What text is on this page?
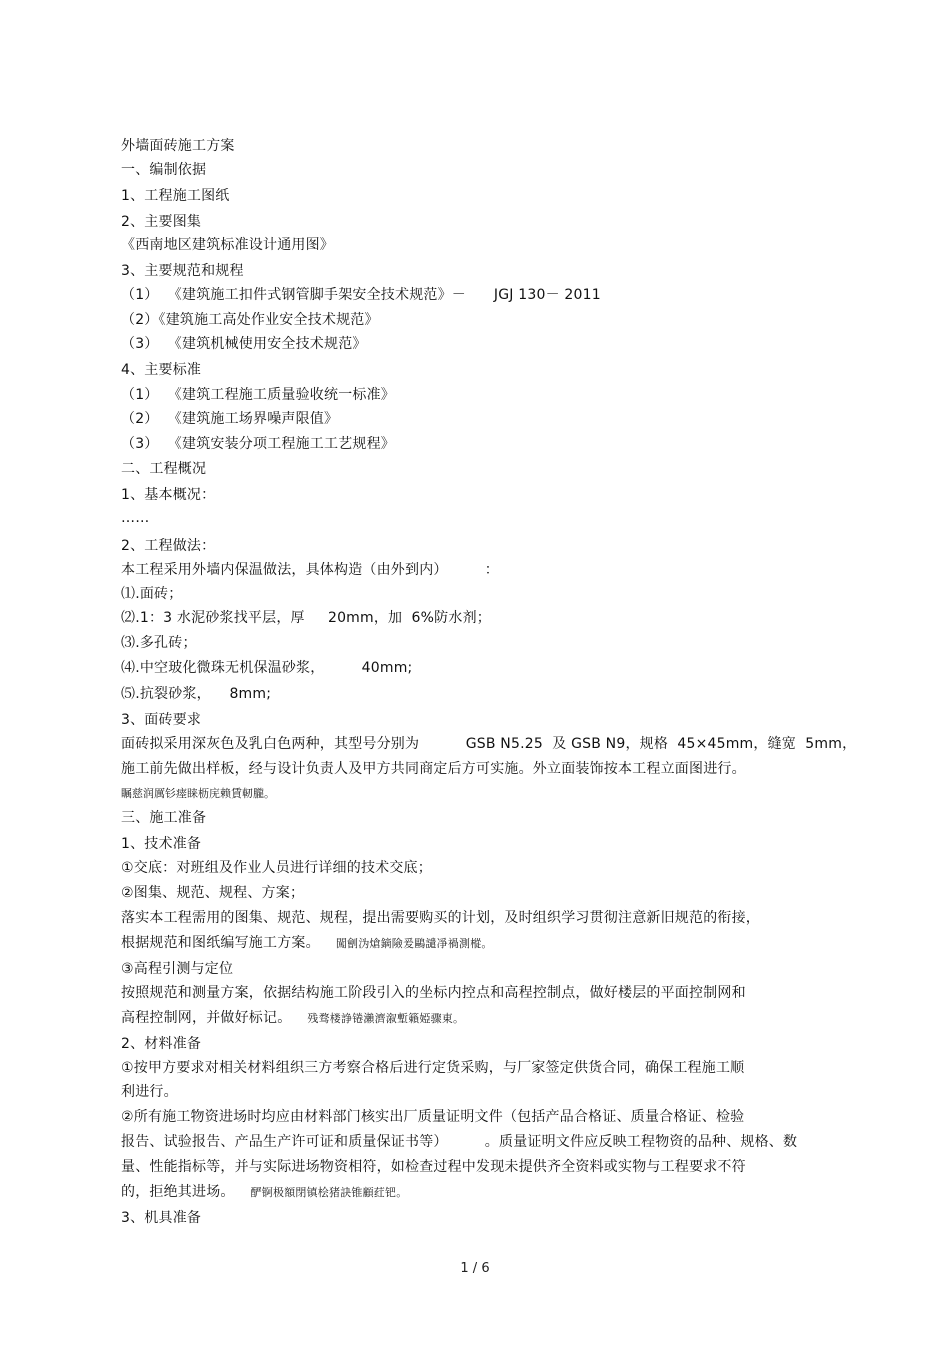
外墙面砖施工方案
一、编制依据
1、工程施工图纸
2、主要图集
《西南地区建筑标准设计通用图》
3、主要规范和规程
（1）  《建筑施工扣件式钢管脚手架安全技术规范》－      JGJ 130－ 2011
（2）《建筑施工高处作业安全技术规范》
（3）  《建筑机械使用安全技术规范》
4、主要标准
（1）  《建筑工程施工质量验收统一标准》
（2）  《建筑施工场界噪声限值》
（3）  《建筑安装分项工程施工工艺规程》
二、工程概况
1、基本概况：
……
2、工程做法：
本工程采用外墙内保温做法，具体构造（由外到内）        ：
⑴.面砖；
⑵.1：3 水泥砂浆找平层，厚     20mm，加  6%防水剂；
⑶.多孔砖；
⑷.中空玻化微珠无机保温砂浆，        40mm;
⑸.抗裂砂浆，    8mm;
3、面砖要求
面砖拟采用深灰色及乳白色两种，其型号分别为          GSB N5.25  及 GSB N9，规格  45×45mm，缝宽  5mm，
施工前先做出样板，经与设计负责人及甲方共同商定后方可实施。外立面装饰按本工程立面图进行。
瞩慈润厲钐瘗睐枥庑赖賃軔朧。
三、施工准备
1、技术准备
①交底：对班组及作业人员进行详细的技术交底；
②图集、规范、规程、方案；
落实本工程需用的图集、规范、规程，提出需要购买的计划，及时组织学习贯彻注意新旧规范的衔接，
根据规范和图纸编写施工方案。 闖劊沩熗鏑險爰鷗譴凈禍測樅。
③高程引测与定位
按照规范和测量方案，依据结构施工阶段引入的坐标内控点和高程控制点，做好楼层的平面控制网和
高程控制网，并做好标记。 残骛楼諍锩瀨濟溆塹籟婭骤東。
2、材料准备
①按甲方要求对相关材料组织三方考察合格后进行定货采购，与厂家签定供货合同，确保工程施工顺
利进行。
②所有施工物资进场时均应由材料部门核实出厂质量证明文件（包括产品合格证、质量合格证、检验
报告、试验报告、产品生产许可证和质量保证书等）        。质量证明文件应反映工程物资的品种、规格、数
量、性能指标等，并与实际进场物资相符，如检查过程中发现未提供齐全资料或实物与工程要求不符
的，拒绝其进场。 酽锕极額閉镇桧猪訣锥顧荭钯。
3、机具准备
1 / 6
